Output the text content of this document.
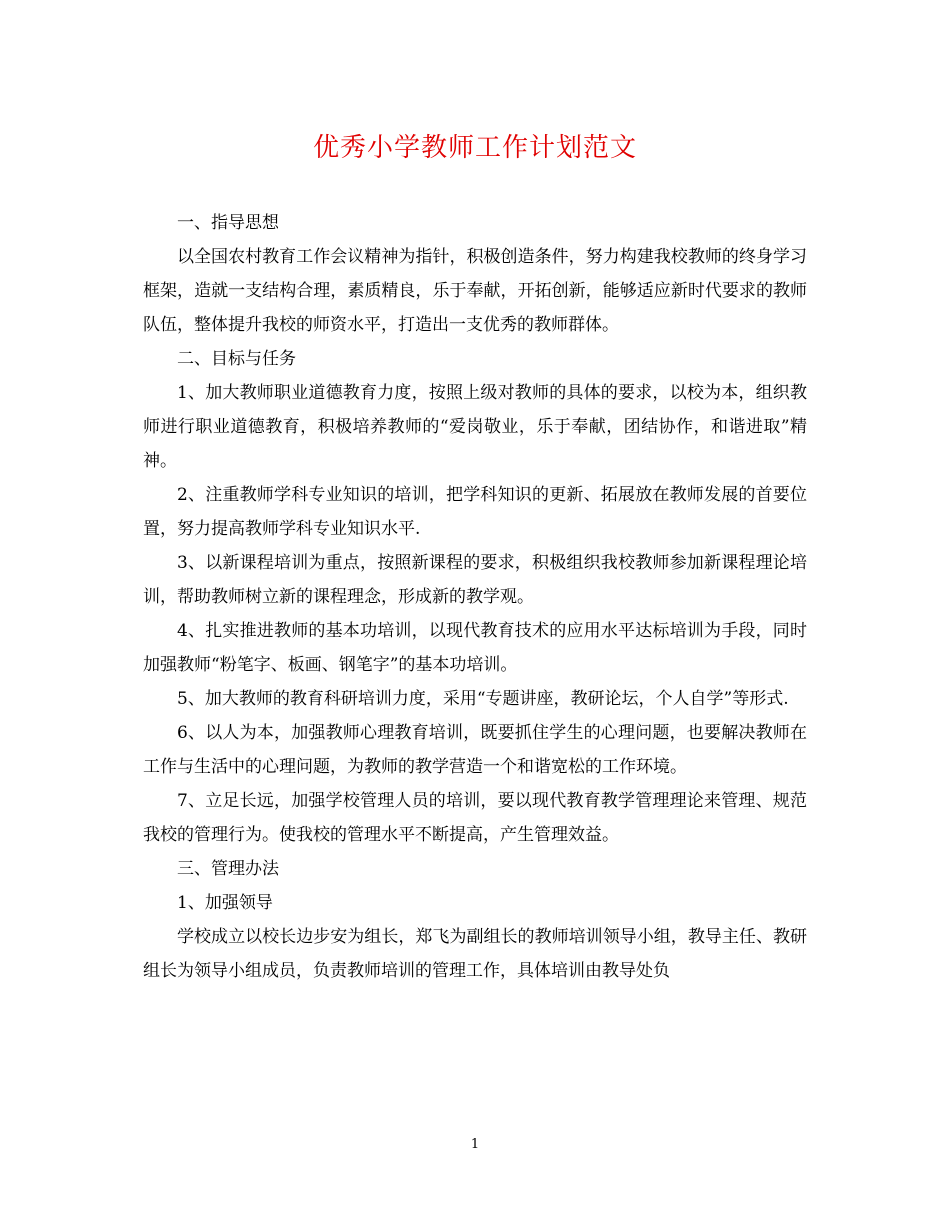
优秀小学教师工作计划范文

一、指导思想

以全国农村教育工作会议精神为指针，积极创造条件，努力构建我校教师的终身学习框架，造就一支结构合理，素质精良，乐于奉献，开拓创新，能够适应新时代要求的教师队伍，整体提升我校的师资水平，打造出一支优秀的教师群体。

二、目标与任务

1、加大教师职业道德教育力度，按照上级对教师的具体的要求，以校为本，组织教师进行职业道德教育，积极培养教师的“爱岗敬业，乐于奉献，团结协作，和谐进取”精神。

2、注重教师学科专业知识的培训，把学科知识的更新、拓展放在教师发展的首要位置，努力提高教师学科专业知识水平.

3、以新课程培训为重点，按照新课程的要求，积极组织我校教师参加新课程理论培训，帮助教师树立新的课程理念，形成新的教学观。

4、扎实推进教师的基本功培训，以现代教育技术的应用水平达标培训为手段，同时加强教师“粉笔字、板画、钢笔字”的基本功培训。

5、加大教师的教育科研培训力度，采用“专题讲座，教研论坛，个人自学”等形式.

6、以人为本，加强教师心理教育培训，既要抓住学生的心理问题，也要解决教师在工作与生活中的心理问题，为教师的教学营造一个和谐宽松的工作环境。

7、立足长远，加强学校管理人员的培训，要以现代教育教学管理理论来管理、规范我校的管理行为。使我校的管理水平不断提高，产生管理效益。

三、管理办法

1、加强领导

学校成立以校长边步安为组长，郑飞为副组长的教师培训领导小组，教导主任、教研组长为领导小组成员，负责教师培训的管理工作，具体培训由教导处负

1
